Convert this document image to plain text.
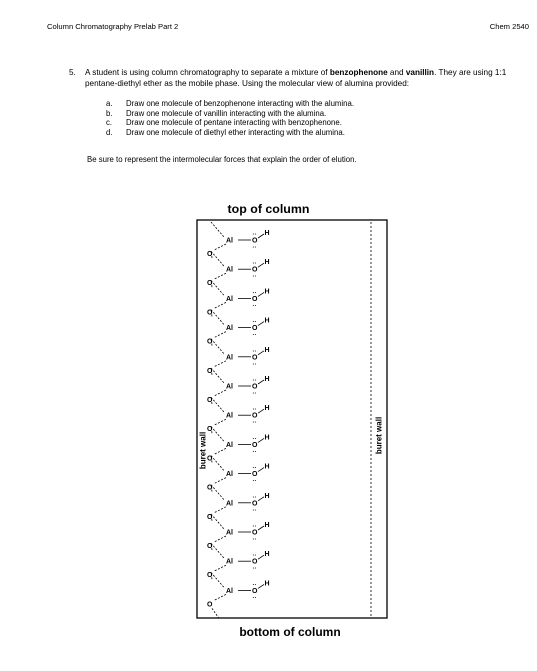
Column Chromatography Prelab Part 2	Chem 2540
5. A student is using column chromatography to separate a mixture of benzophenone and vanillin. They are using 1:1 pentane-diethyl ether as the mobile phase. Using the molecular view of alumina provided:
a. Draw one molecule of benzophenone interacting with the alumina.
b. Draw one molecule of vanillin interacting with the alumina.
c. Draw one molecule of pentane interacting with benzophenone.
d. Draw one molecule of diethyl ether interacting with the alumina.
Be sure to represent the intermolecular forces that explain the order of elution.
top of column
Al	O
··
··
H
O
Al	O
··
··
H
O
Al	O
··
··
H
O
Al	O
··
··
H
O
Al	O
··
··
H
O
Al	O
··
··
H
O
Al	O
··
··
H
O
Al	O
··
··
H
O
Al	O
··
··
H
O
Al	O
··
··
H
O
Al	O
··
··
H
O
Al	O
··
··
H
O
Al	O
··
··
H
O
buret wall	buret wall
bottom of column
